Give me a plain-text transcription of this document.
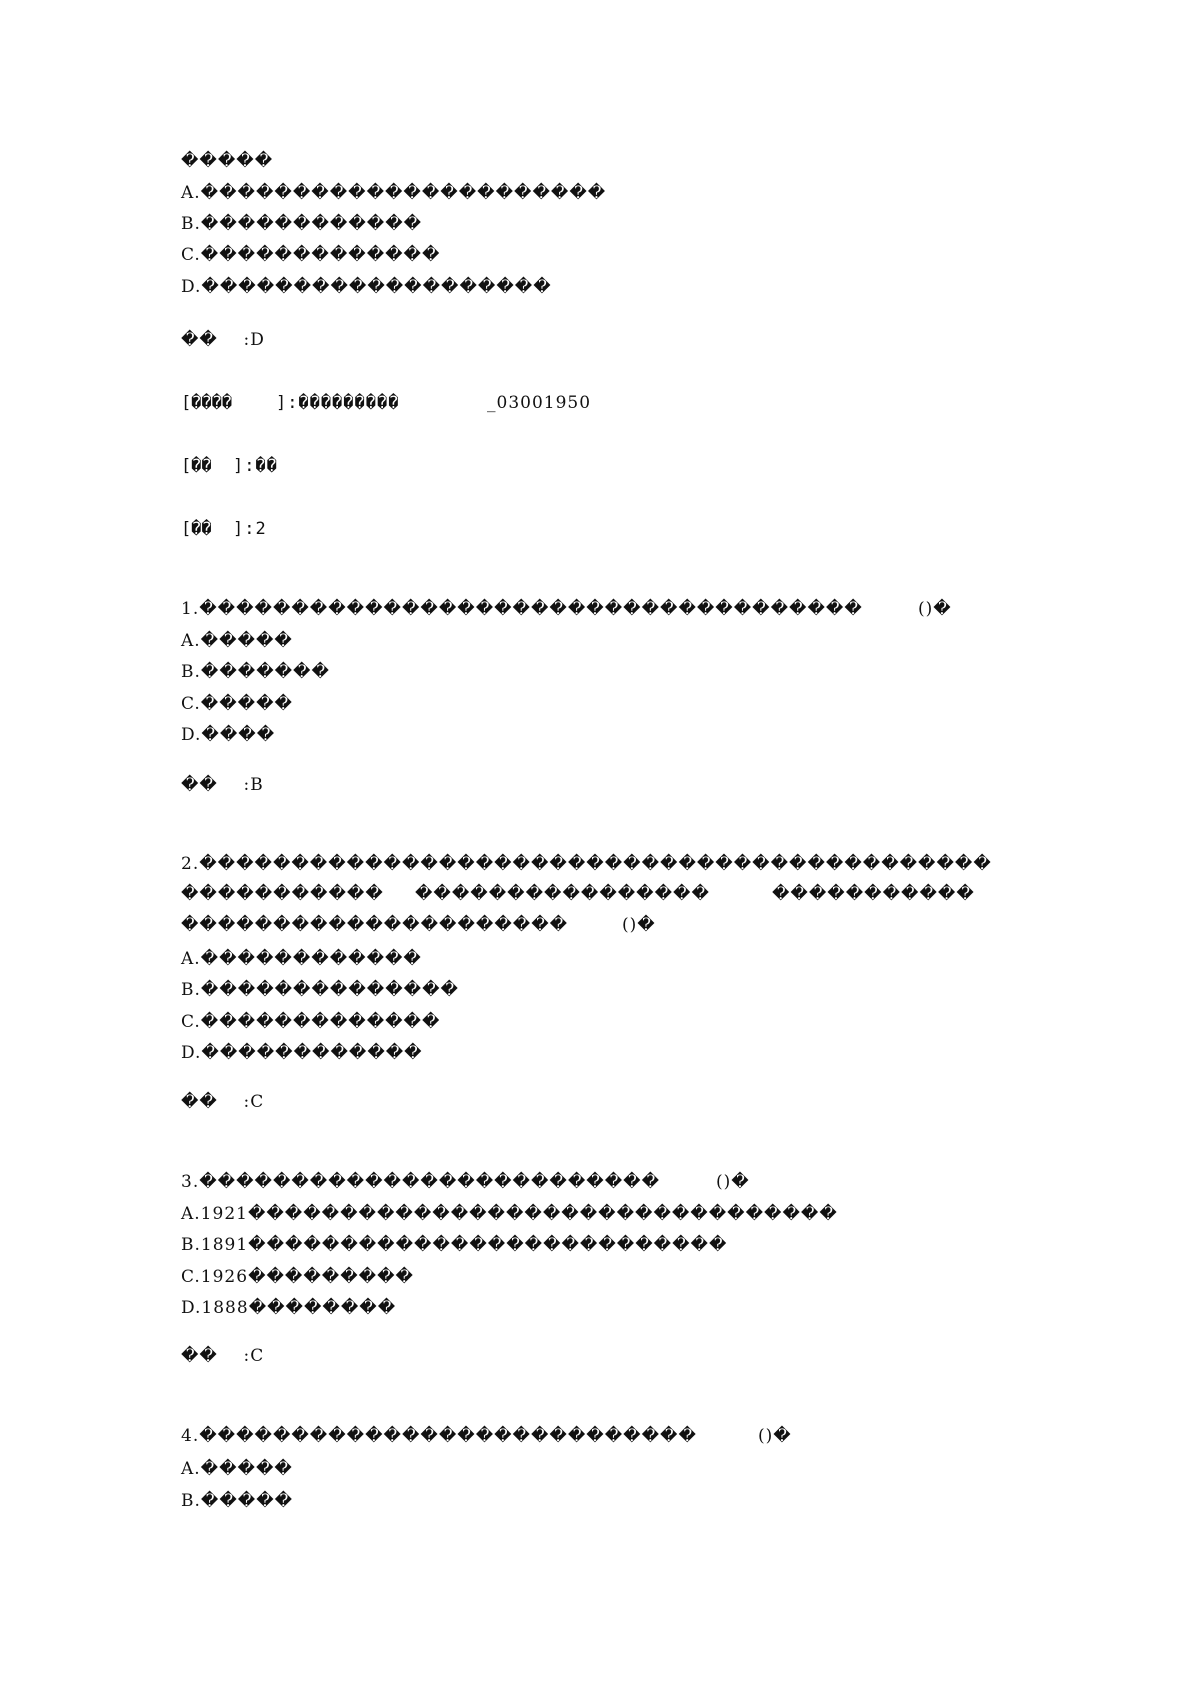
�����
A.����������������������
B.������������
C.�������������
D.�������������������
��    :D
[����	]:���������	_03001950
[�� ]:��
[�� ]:2
1.������������������������������������	()�
A.�����
B.�������
C.�����
D.����
��    :B
2.�������������������������������������������
����������� ����������������	�����������
���������������������	()�
A.������������
B.��������������
C.�������������
D.������������
��    :C
3.�������������������������	()�
A.1921��������������������������������
B.1891��������������������������
C.1926���������
D.1888��������
��    :C
4.���������������������������	()�
A.�����
B.�����
